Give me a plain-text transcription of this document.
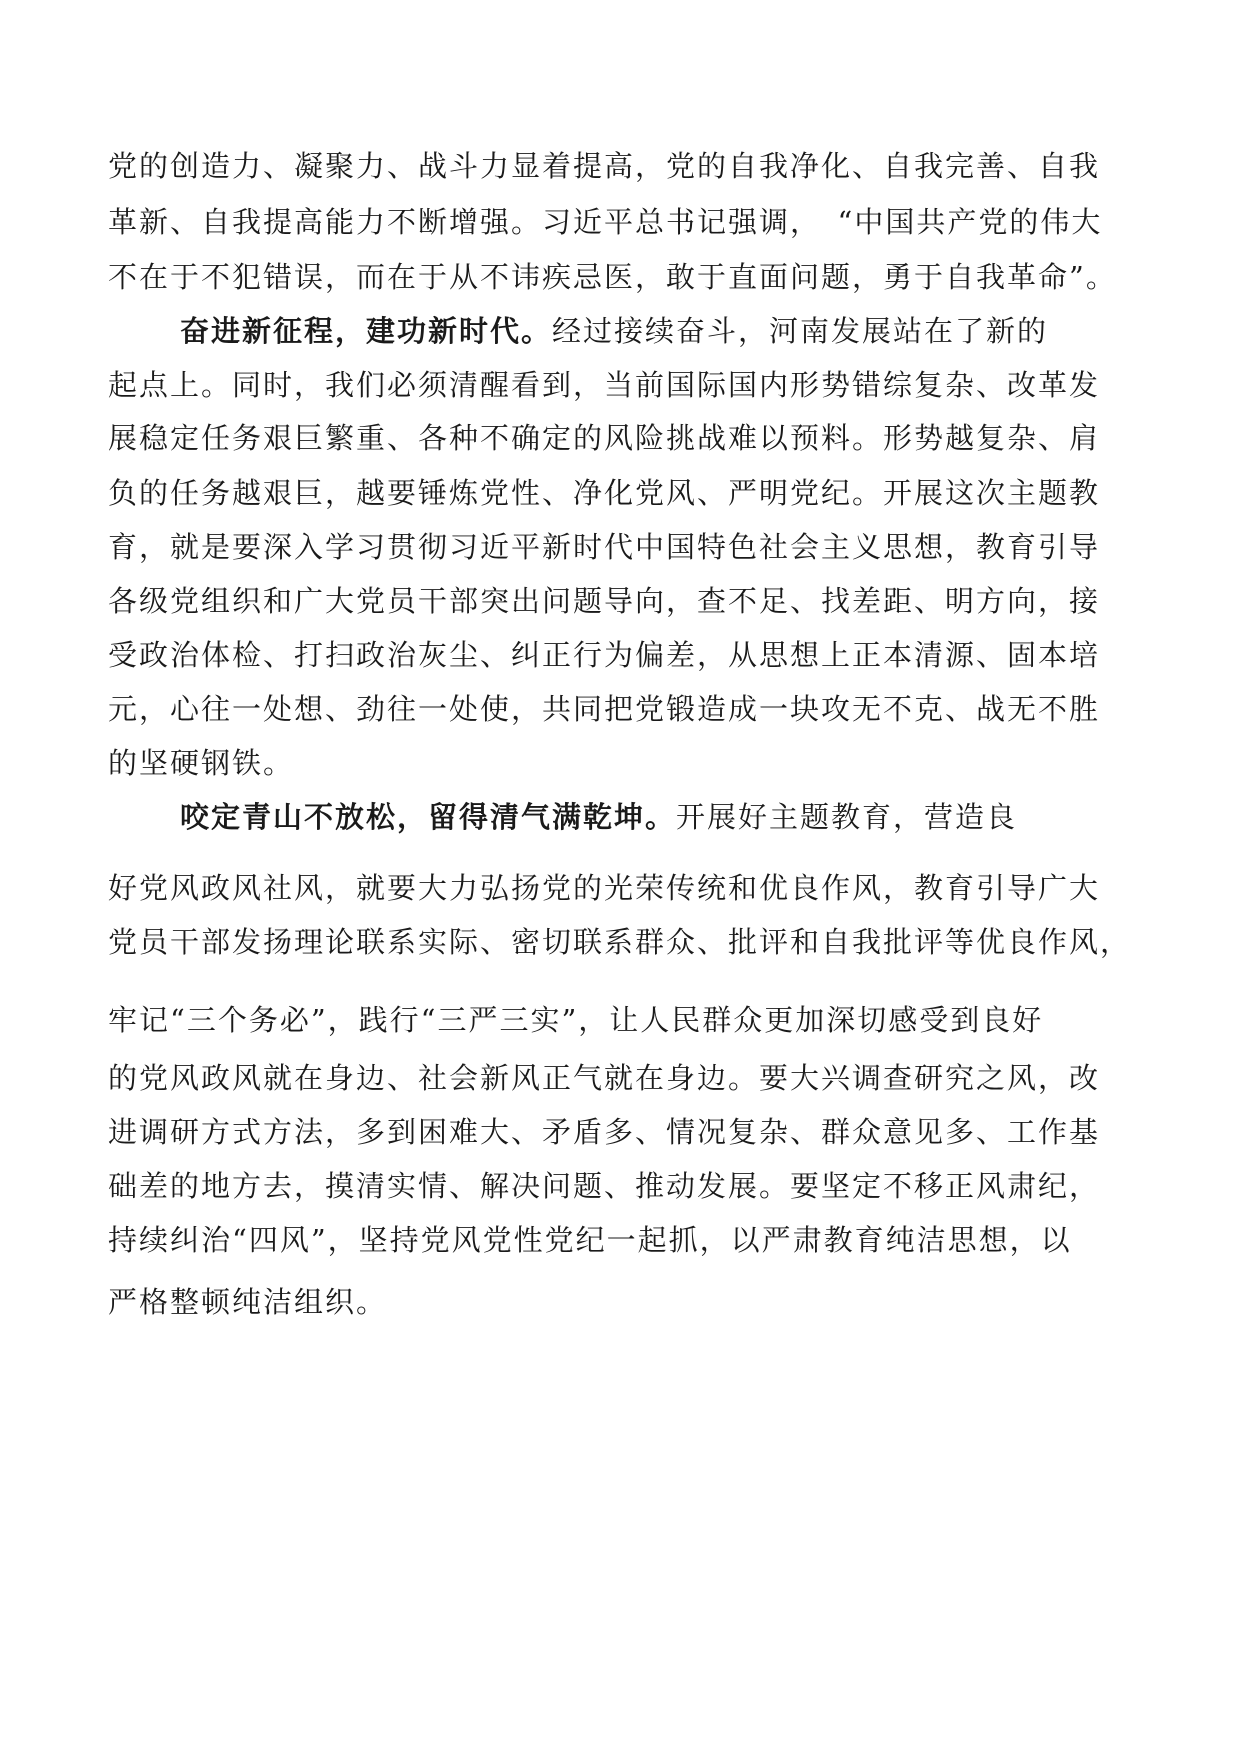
党的创造力、凝聚力、战斗力显着提高，党的自我净化、自我完善、自我
革新、自我提高能力不断增强。习近平总书记强调，　“中国共产党的伟大
不在于不犯错误，而在于从不讳疾忌医，敢于直面问题，勇于自我革命”。
奋进新征程，建功新时代。经过接续奋斗，河南发展站在了新的
起点上。同时，我们必须清醒看到，当前国际国内形势错综复杂、改革发
展稳定任务艰巨繁重、各种不确定的风险挑战难以预料。形势越复杂、肩
负的任务越艰巨，越要锤炼党性、净化党风、严明党纪。开展这次主题教
育，就是要深入学习贯彻习近平新时代中国特色社会主义思想，教育引导
各级党组织和广大党员干部突出问题导向，查不足、找差距、明方向，接
受政治体检、打扫政治灰尘、纠正行为偏差，从思想上正本清源、固本培
元，心往一处想、劲往一处使，共同把党锻造成一块攻无不克、战无不胜
的坚硬钢铁。
咬定青山不放松，留得清气满乾坤。开展好主题教育，营造良
好党风政风社风，就要大力弘扬党的光荣传统和优良作风，教育引导广大
党员干部发扬理论联系实际、密切联系群众、批评和自我批评等优良作风，
牢记“三个务必”，践行“三严三实”，让人民群众更加深切感受到良好
的党风政风就在身边、社会新风正气就在身边。要大兴调查研究之风，改
进调研方式方法，多到困难大、矛盾多、情况复杂、群众意见多、工作基
础差的地方去，摸清实情、解决问题、推动发展。要坚定不移正风肃纪，
持续纠治“四风”，坚持党风党性党纪一起抓，以严肃教育纯洁思想，以
严格整顿纯洁组织。
